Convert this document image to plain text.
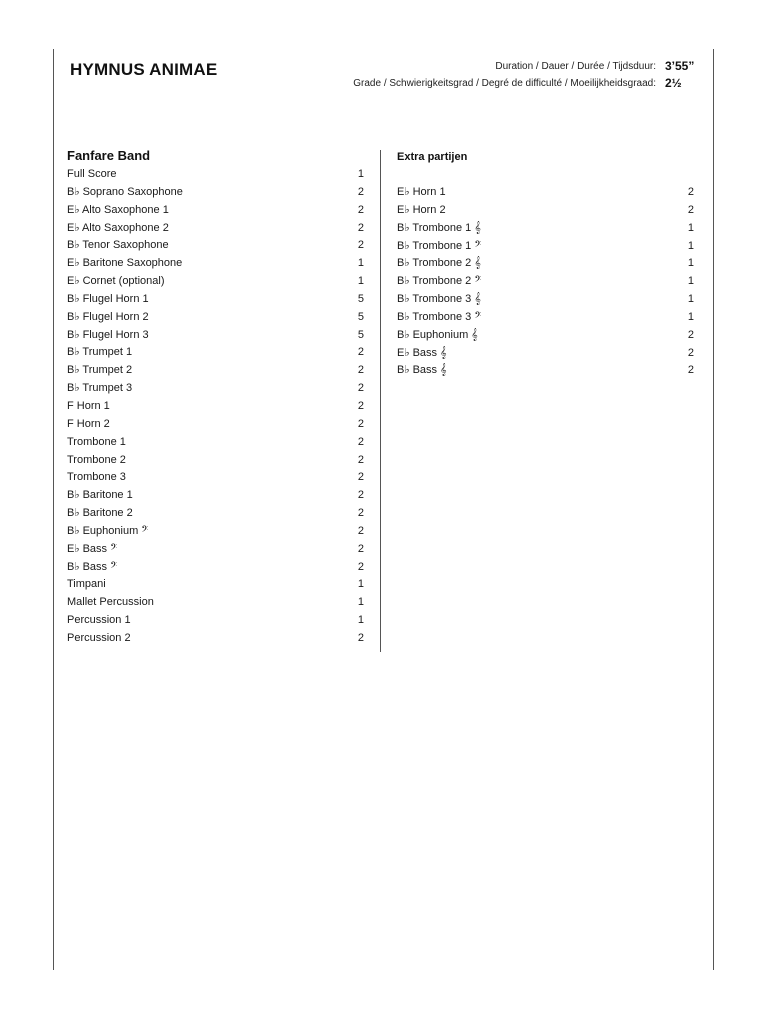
HYMNUS ANIMAE	Duration / Dauer / Durée / Tijdsduur: 3’55”
Grade / Schwierigkeitsgrad / Degré de difficulté / Moeilijkheidsgraad: 2½
Fanfare Band
Full Score	1
B♭ Soprano Saxophone	2
E♭ Alto Saxophone 1	2
E♭ Alto Saxophone 2	2
B♭ Tenor Saxophone	2
E♭ Baritone Saxophone	1
E♭ Cornet (optional)	1
B♭ Flugel Horn 1	5
B♭ Flugel Horn 2	5
B♭ Flugel Horn 3	5
B♭ Trumpet 1	2
B♭ Trumpet 2	2
B♭ Trumpet 3	2
F Horn 1	2
F Horn 2	2
Trombone 1	2
Trombone 2	2
Trombone 3	2
B♭ Baritone 1	2
B♭ Baritone 2	2
B♭ Euphonium 𝄢	2
E♭ Bass 𝄢	2
B♭ Bass 𝄢	2
Timpani	1
Mallet Percussion	1
Percussion 1	1
Percussion 2	2
Extra partijen
E♭ Horn 1	2
E♭ Horn 2	2
B♭ Trombone 1 𝄞	1
B♭ Trombone 1 𝄢	1
B♭ Trombone 2 𝄞	1
B♭ Trombone 2 𝄢	1
B♭ Trombone 3 𝄞	1
B♭ Trombone 3 𝄢	1
B♭ Euphonium 𝄞	2
E♭ Bass 𝄞	2
B♭ Bass 𝄞	2
